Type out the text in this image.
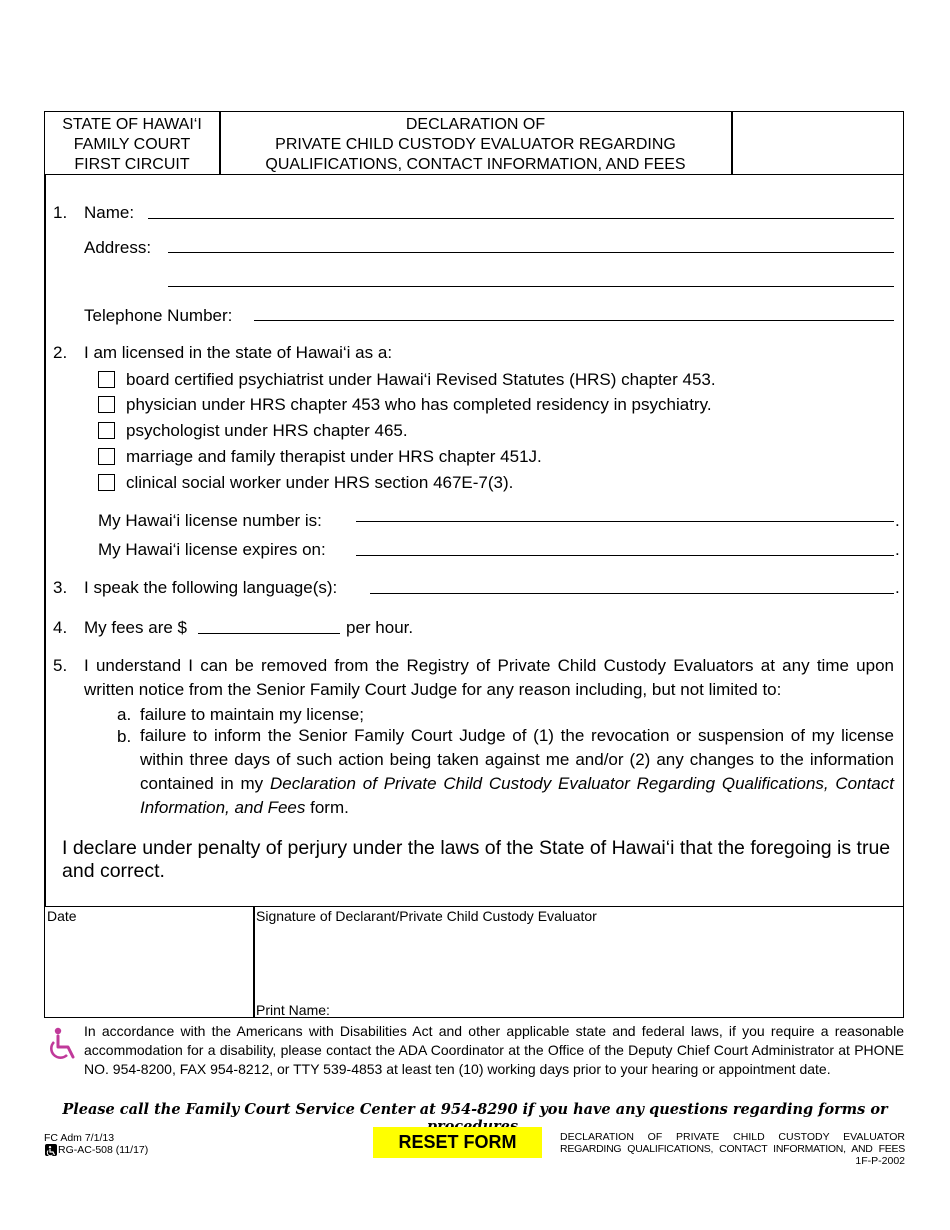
STATE OF HAWAI‘I
FAMILY COURT
FIRST CIRCUIT
DECLARATION OF
PRIVATE CHILD CUSTODY EVALUATOR REGARDING
QUALIFICATIONS, CONTACT INFORMATION, AND FEES
1. Name:
Address:
Telephone Number:
2. I am licensed in the state of Hawai‘i as a:
board certified psychiatrist under Hawai‘i Revised Statutes (HRS) chapter 453.
physician under HRS chapter 453 who has completed residency in psychiatry.
psychologist under HRS chapter 465.
marriage and family therapist under HRS chapter 451J.
clinical social worker under HRS section 467E-7(3).
My Hawai‘i license number is:	.
My Hawai‘i license expires on:	.
3. I speak the following language(s):	.
4. My fees are $	per hour.
5. I understand I can be removed from the Registry of Private Child Custody Evaluators at any time upon written notice from the Senior Family Court Judge for any reason including, but not limited to:
a. failure to maintain my license;
b. failure to inform the Senior Family Court Judge of (1) the revocation or suspension of my license within three days of such action being taken against me and/or (2) any changes to the information contained in my Declaration of Private Child Custody Evaluator Regarding Qualifications, Contact Information, and Fees form.
I declare under penalty of perjury under the laws of the State of Hawai‘i that the foregoing is true and correct.
Date	Signature of Declarant/Private Child Custody Evaluator
Print Name:
In accordance with the Americans with Disabilities Act and other applicable state and federal laws, if you require a reasonable accommodation for a disability, please contact the ADA Coordinator at the Office of the Deputy Chief Court Administrator at PHONE NO. 954-8200, FAX 954-8212, or TTY 539-4853 at least ten (10) working days prior to your hearing or appointment date.
Please call the Family Court Service Center at 954-8290 if you have any questions regarding forms or
FC Adm 7/1/13
RG-AC-508 (11/17)	RESET FORM	DECLARATION OF PRIVATE CHILD CUSTODY EVALUATOR
REGARDING QUALIFICATIONS, CONTACT INFORMATION, AND FEES
1F-P-2002
